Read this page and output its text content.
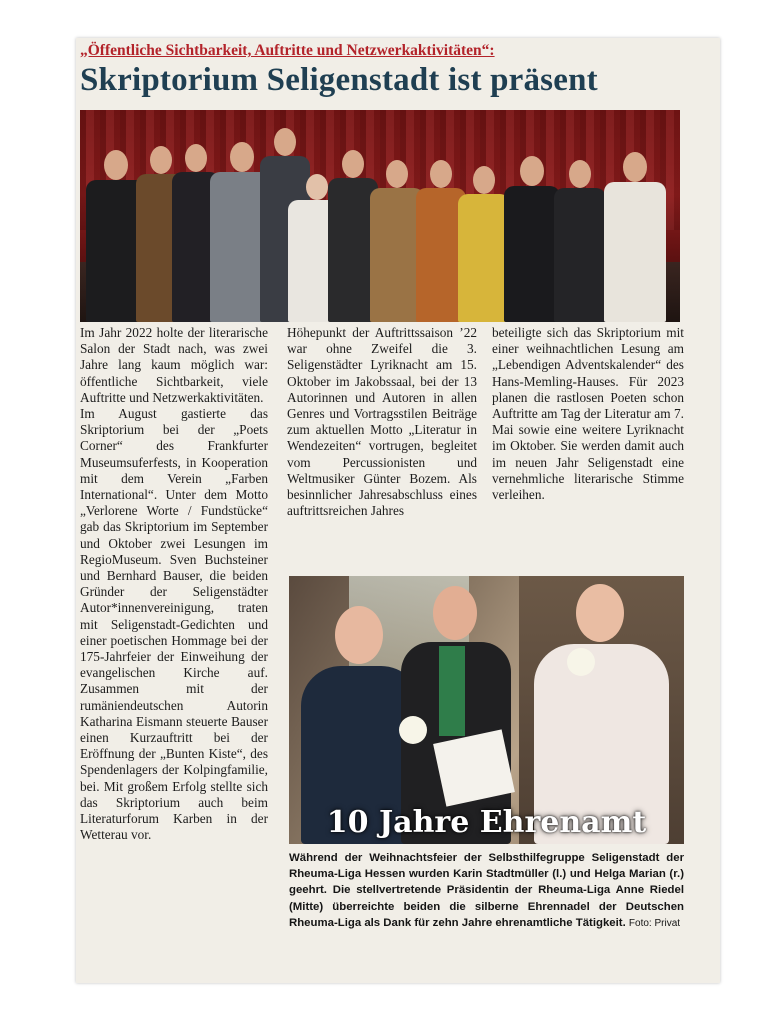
„Öffentliche Sichtbarkeit, Auftritte und Netzwerkaktivitäten“:
Skriptorium Seligenstadt ist präsent

Im Jahr 2022 holte der literarische Salon der Stadt nach, was zwei Jahre lang kaum möglich war: öffentliche Sichtbarkeit, viele Auftritte und Netzwerkaktivitäten.

Im August gastierte das Skriptorium bei der „Poets Corner“ des Frankfurter Museumsuferfests, in Kooperation mit dem Verein „Farben International“. Unter dem Motto „Verlorene Worte / Fundstücke“ gab das Skriptorium im September und Oktober zwei Lesungen im RegioMuseum. Sven Buchsteiner und Bernhard Bauser, die beiden Gründer der Seligenstädter Autor*innenvereinigung, traten mit Seligenstadt-Gedichten und einer poetischen Hommage bei der 175-Jahrfeier der Einweihung der evangelischen Kirche auf. Zusammen mit der rumäniendeutschen Autorin Katharina Eismann steuerte Bauser einen Kurzauftritt bei der Eröffnung der „Bunten Kiste“, des Spendenlagers der Kolpingfamilie, bei. Mit großem Erfolg stellte sich das Skriptorium auch beim Literaturforum Karben in der Wetterau vor.

Höhepunkt der Auftrittssaison ’22 war ohne Zweifel die 3. Seligenstädter Lyriknacht am 15. Oktober im Jakobssaal, bei der 13 Autorinnen und Autoren in allen Genres und Vortragsstilen Beiträge zum aktuellen Motto „Literatur in Wendezeiten“ vortrugen, begleitet vom Percussionisten und Weltmusiker Günter Bozem. Als besinnlicher Jahresabschluss eines auftrittsreichen Jahres

beteiligte sich das Skriptorium mit einer weihnachtlichen Lesung am „Lebendigen Adventskalender“ des Hans-Memling-Hauses. Für 2023 planen die rastlosen Poeten schon Auftritte am Tag der Literatur am 7. Mai sowie eine weitere Lyriknacht im Oktober. Sie werden damit auch im neuen Jahr Seligenstadt eine vernehmliche literarische Stimme verleihen.

10 Jahre Ehrenamt
Während der Weihnachtsfeier der Selbsthilfegruppe Seligenstadt der Rheuma-Liga Hessen wurden Karin Stadtmüller (l.) und Helga Marian (r.) geehrt. Die stellvertretende Präsidentin der Rheuma-Liga Anne Riedel (Mitte) überreichte beiden die silberne Ehrennadel der Deutschen Rheuma-Liga als Dank für zehn Jahre ehrenamtliche Tätigkeit. Foto: Privat
